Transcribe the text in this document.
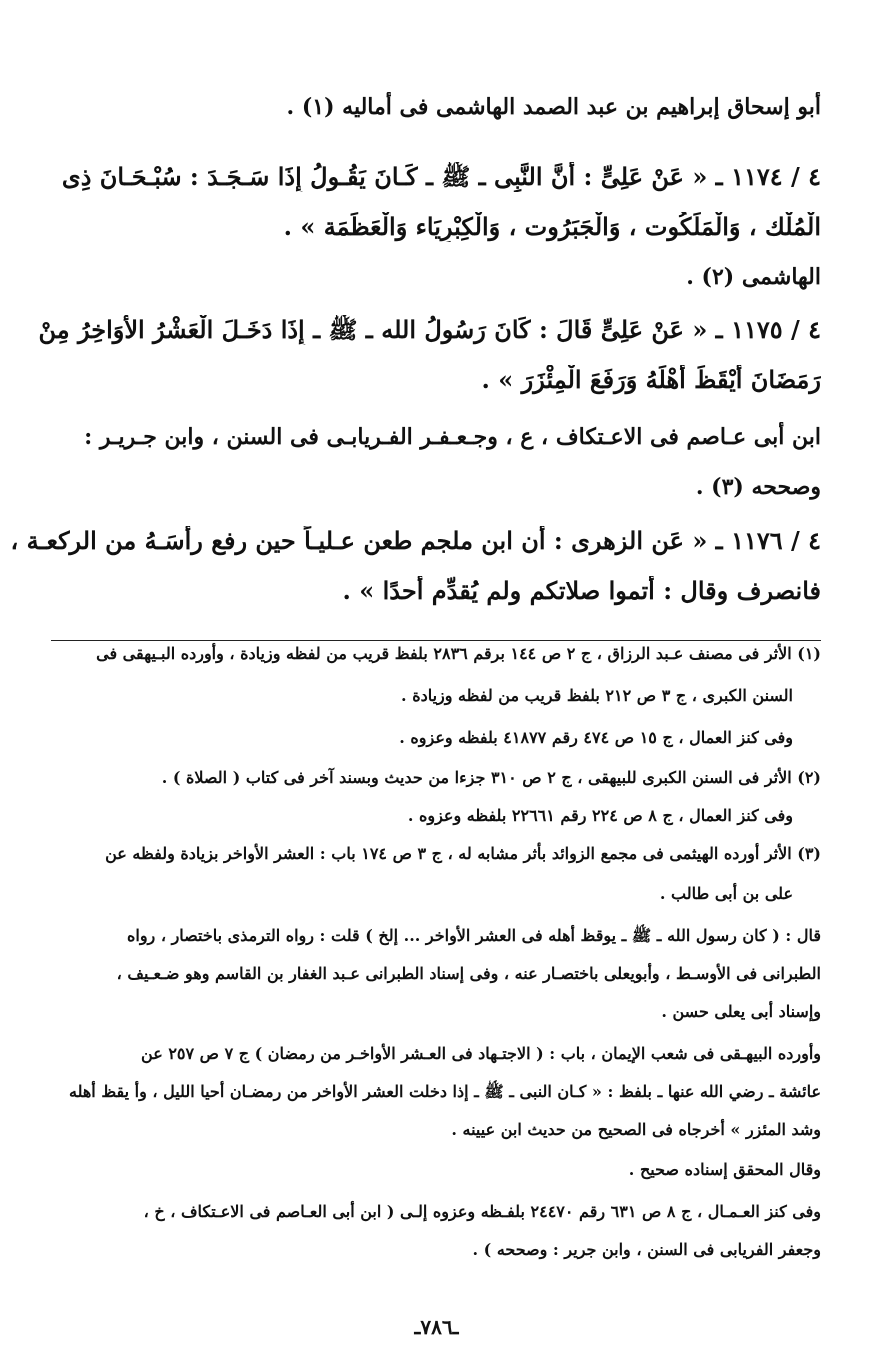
أبو إسحاق إبراهيم بن عبد الصمد الهاشمى فى أماليه (١) .

٤ / ١١٧٤ ـ « عَنْ عَلِىٍّ : أَنَّ النَّبِى ـ ﷺ ـ كَـانَ يَقُـولُ إِذَا سَـجَـدَ : سُبْـحَـانَ ذِى

الْمُلْك ، وَالْمَلَكُوت ، وَالْجَبَرُوت ، وَالْكِبْرِيَاء وَالْعَظَمَة » .

الهاشمى (٢) .

٤ / ١١٧٥ ـ « عَنْ عَلِىٍّ قَالَ : كَانَ رَسُولُ الله ـ ﷺ ـ إِذَا دَخَـلَ الْعَشْرُ الأَوَاخِرُ مِنْ

رَمَضَانَ أَيْقَظَ أَهْلَهُ وَرَفَعَ الْمِئْزَرَ » .

ابن أبى عـاصم فى الاعـتكاف ، ع ، وجـعـفـر الفـريابـى فى السنن ، وابن جـريـر :

وصححه (٣) .

٤ / ١١٧٦ ـ « عَن الزهرى : أن ابن ملجم طعن عـليـاً حين رفع رأسَـهُ من الركعـة ،

فانصرف وقال : أتموا صلاتكم ولم يُقدِّم أحدًا » .

(١) الأثر فى مصنف عـبد الرزاق ، ج ٢ ص ١٤٤ برقم ٢٨٣٦ بلفظ قريب من لفظه وزيادة ، وأورده البـيهقى فى
السنن الكبرى ، ج ٣ ص ٢١٢ بلفظ قريب من لفظه وزيادة .
وفى كنز العمال ، ج ١٥ ص ٤٧٤ رقم ٤١٨٧٧ بلفظه وعزوه .
(٢) الأثر فى السنن الكبرى للبيهقى ، ج ٢ ص ٣١٠ جزءا من حديث وبسند آخر فى كتاب ( الصلاة ) .
وفى كنز العمال ، ج ٨ ص ٢٢٤ رقم ٢٢٦٦١ بلفظه وعزوه .
(٣) الأثر أورده الهيثمى فى مجمع الزوائد بأثر مشابه له ، ج ٣ ص ١٧٤ باب : العشر الأواخر بزيادة ولفظه عن
على بن أبى طالب .
قال : ( كان رسول الله ـ ﷺ ـ يوقظ أهله فى العشر الأواخر ... إلخ ) قلت : رواه الترمذى باختصار ، رواه
الطبرانى فى الأوسـط ، وأبويعلى باختصـار عنه ، وفى إسناد الطبرانى عـبد الغفار بن القاسم وهو ضـعـيف ،
وإسناد أبى يعلى حسن .
وأورده البيهـقى فى شعب الإيمان ، باب : ( الاجتـهاد فى العـشر الأواخـر من رمضان ) ج ٧ ص ٢٥٧ عن
عائشة ـ رضي الله عنها ـ بلفظ : « كـان النبى ـ ﷺ ـ إذا دخلت العشر الأواخر من رمضـان أحيا الليل ، وأ يقظ أهله
وشد المئزر » أخرجاه فى الصحيح من حديث ابن عيينه .
وقال المحقق إسناده صحيح .
وفى كنز العـمـال ، ج ٨ ص ٦٣١ رقم ٢٤٤٧٠ بلفـظه وعزوه إلـى ( ابن أبى العـاصم فى الاعـتكاف ، خ ،
وجعفر الفريابى فى السنن ، وابن جرير : وصححه ) .
ـ٧٨٦ـ
